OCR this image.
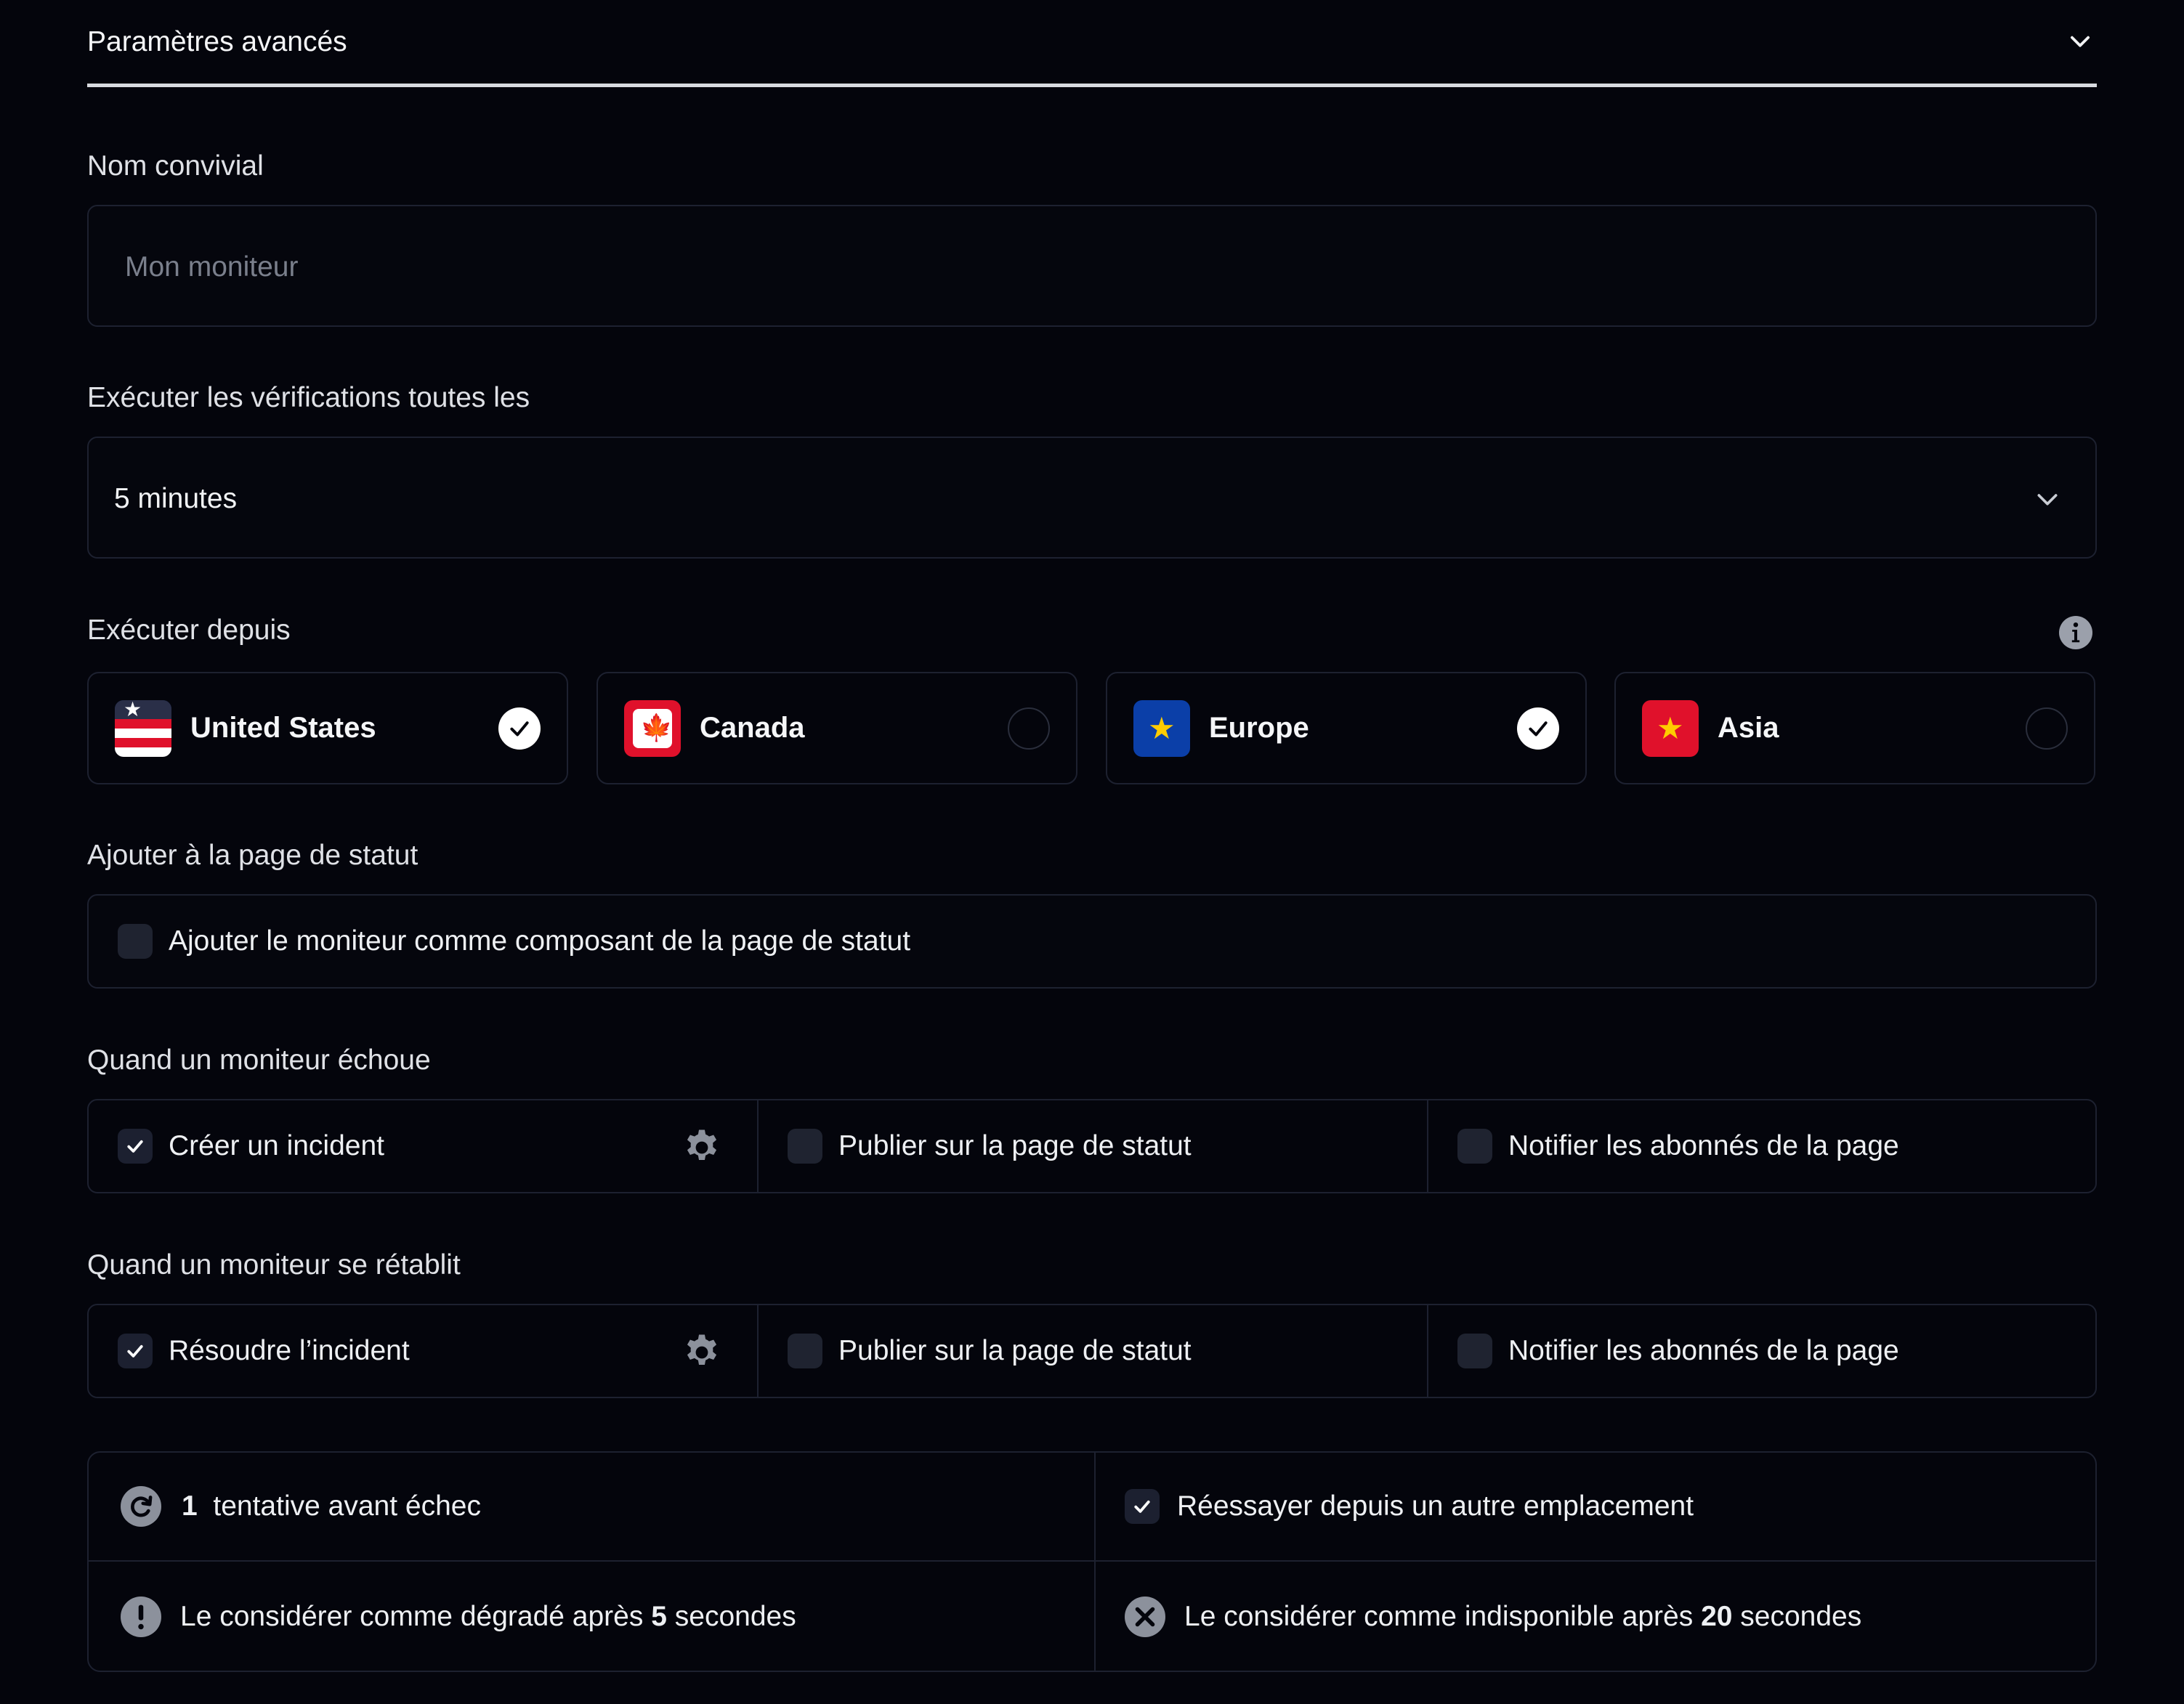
Paramètres avancés
Nom convivial
Mon moniteur
Exécuter les vérifications toutes les
5 minutes
Exécuter depuis
★
United States	🍁 Canada	★ Europe	★ Asia
Ajouter à la page de statut
Ajouter le moniteur comme composant de la page de statut
Quand un moniteur échoue
Créer un incident	Publier sur la page de statut	Notifier les abonnés de la page
Quand un moniteur se rétablit
Résoudre l’incident	Publier sur la page de statut	Notifier les abonnés de la page
1 tentative avant échec	Réessayer depuis un autre emplacement
Le considérer comme dégradé après 5 secondes	Le considérer comme indisponible après 20 secondes
